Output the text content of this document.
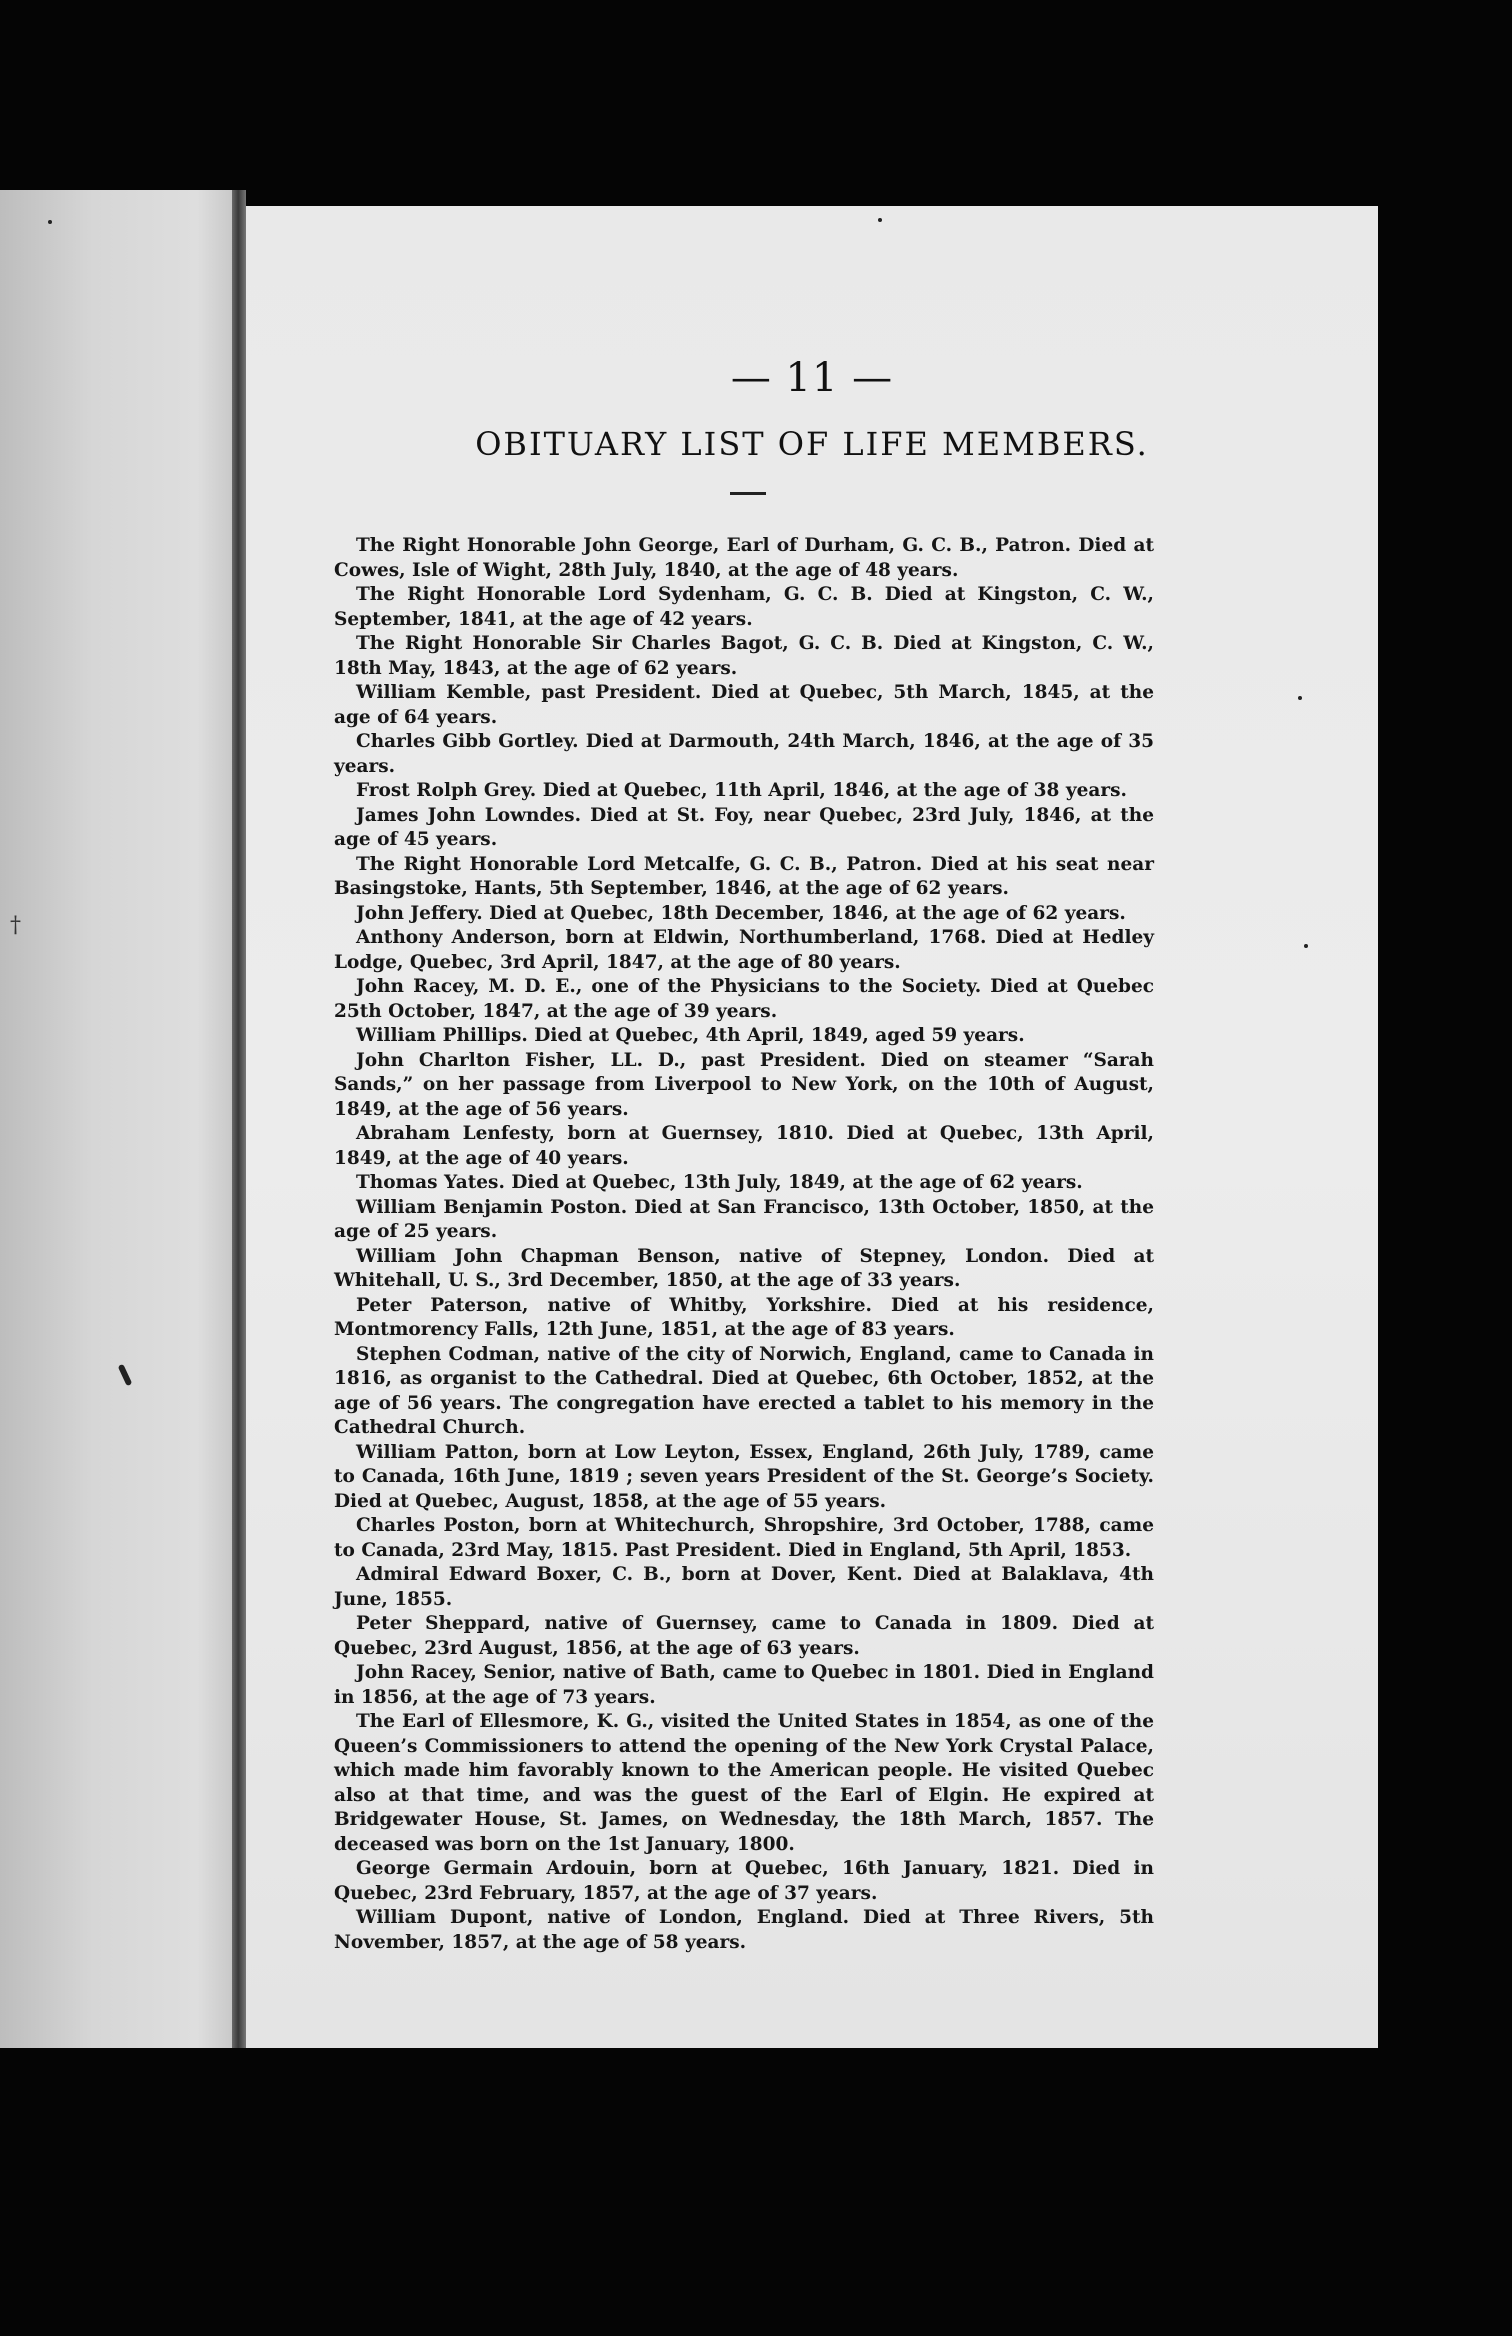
†
— 11 —
OBITUARY LIST OF LIFE MEMBERS.
The Right Honorable John George, Earl of Durham, G. C. B., Patron. Died at Cowes, Isle of Wight, 28th July, 1840, at the age of 48 years.
The Right Honorable Lord Sydenham, G. C. B. Died at Kingston, C. W., September, 1841, at the age of 42 years.
The Right Honorable Sir Charles Bagot, G. C. B. Died at Kingston, C. W., 18th May, 1843, at the age of 62 years.
William Kemble, past President. Died at Quebec, 5th March, 1845, at the age of 64 years.
Charles Gibb Gortley. Died at Darmouth, 24th March, 1846, at the age of 35 years.
Frost Rolph Grey. Died at Quebec, 11th April, 1846, at the age of 38 years.
James John Lowndes. Died at St. Foy, near Quebec, 23rd July, 1846, at the age of 45 years.
The Right Honorable Lord Metcalfe, G. C. B., Patron. Died at his seat near Basingstoke, Hants, 5th September, 1846, at the age of 62 years.
John Jeffery. Died at Quebec, 18th December, 1846, at the age of 62 years.
Anthony Anderson, born at Eldwin, Northumberland, 1768. Died at Hedley Lodge, Quebec, 3rd April, 1847, at the age of 80 years.
John Racey, M. D. E., one of the Physicians to the Society. Died at Quebec 25th October, 1847, at the age of 39 years.
William Phillips. Died at Quebec, 4th April, 1849, aged 59 years.
John Charlton Fisher, LL. D., past President. Died on steamer “Sarah Sands,” on her passage from Liverpool to New York, on the 10th of August, 1849, at the age of 56 years.
Abraham Lenfesty, born at Guernsey, 1810. Died at Quebec, 13th April, 1849, at the age of 40 years.
Thomas Yates. Died at Quebec, 13th July, 1849, at the age of 62 years.
William Benjamin Poston. Died at San Francisco, 13th October, 1850, at the age of 25 years.
William John Chapman Benson, native of Stepney, London. Died at Whitehall, U. S., 3rd December, 1850, at the age of 33 years.
Peter Paterson, native of Whitby, Yorkshire. Died at his residence, Montmorency Falls, 12th June, 1851, at the age of 83 years.
Stephen Codman, native of the city of Norwich, England, came to Canada in 1816, as organist to the Cathedral. Died at Quebec, 6th October, 1852, at the age of 56 years. The congregation have erected a tablet to his memory in the Cathedral Church.
William Patton, born at Low Leyton, Essex, England, 26th July, 1789, came to Canada, 16th June, 1819 ; seven years President of the St. George’s Society. Died at Quebec, August, 1858, at the age of 55 years.
Charles Poston, born at Whitechurch, Shropshire, 3rd October, 1788, came to Canada, 23rd May, 1815. Past President. Died in England, 5th April, 1853.
Admiral Edward Boxer, C. B., born at Dover, Kent. Died at Balaklava, 4th June, 1855.
Peter Sheppard, native of Guernsey, came to Canada in 1809. Died at Quebec, 23rd August, 1856, at the age of 63 years.
John Racey, Senior, native of Bath, came to Quebec in 1801. Died in England in 1856, at the age of 73 years.
The Earl of Ellesmore, K. G., visited the United States in 1854, as one of the Queen’s Commissioners to attend the opening of the New York Crystal Palace, which made him favorably known to the American people. He visited Quebec also at that time, and was the guest of the Earl of Elgin. He expired at Bridgewater House, St. James, on Wednesday, the 18th March, 1857. The deceased was born on the 1st January, 1800.
George Germain Ardouin, born at Quebec, 16th January, 1821. Died in Quebec, 23rd February, 1857, at the age of 37 years.
William Dupont, native of London, England. Died at Three Rivers, 5th November, 1857, at the age of 58 years.
